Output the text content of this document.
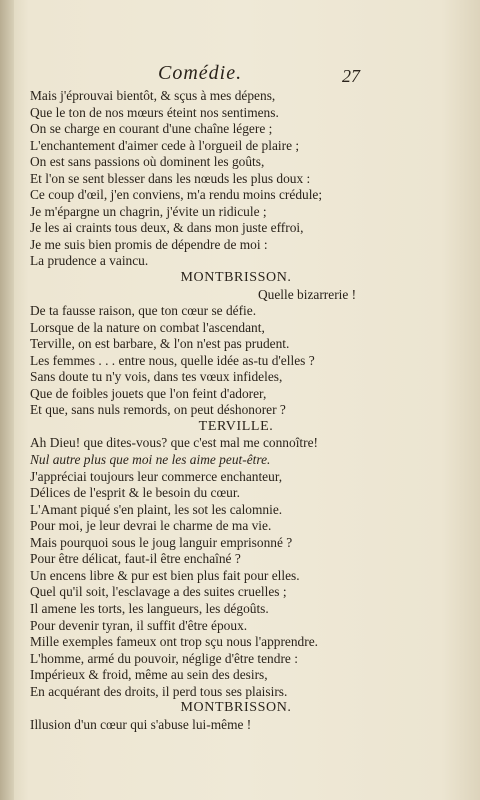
Comédie.	27
Mais j'éprouvai bientôt, & sçus à mes dépens,
Que le ton de nos mœurs éteint nos sentimens.
On se charge en courant d'une chaîne légere ;
L'enchantement d'aimer cede à l'orgueil de plaire ;
On est sans passions où dominent les goûts,
Et l'on se sent blesser dans les nœuds les plus doux :
Ce coup d'œil, j'en conviens, m'a rendu moins crédule;
Je m'épargne un chagrin, j'évite un ridicule ;
Je les ai craints tous deux, & dans mon juste effroi,
Je me suis bien promis de dépendre de moi :
La prudence a vaincu.
MONTBRISSON.
Quelle bizarrerie !
De ta fausse raison, que ton cœur se défie.
Lorsque de la nature on combat l'ascendant,
Terville, on est barbare, & l'on n'est pas prudent.
Les femmes . . . entre nous, quelle idée as-tu d'elles ?
Sans doute tu n'y vois, dans tes vœux infideles,
Que de foibles jouets que l'on feint d'adorer,
Et que, sans nuls remords, on peut déshonorer ?
TERVILLE.
Ah Dieu! que dites-vous? que c'est mal me connoître!
Nul autre plus que moi ne les aime peut-être.
J'appréciai toujours leur commerce enchanteur,
Délices de l'esprit & le besoin du cœur.
L'Amant piqué s'en plaint, les sot les calomnie.
Pour moi, je leur devrai le charme de ma vie.
Mais pourquoi sous le joug languir emprisonné ?
Pour être délicat, faut-il être enchaîné ?
Un encens libre & pur est bien plus fait pour elles.
Quel qu'il soit, l'esclavage a des suites cruelles ;
Il amene les torts, les langueurs, les dégoûts.
Pour devenir tyran, il suffit d'être époux.
Mille exemples fameux ont trop sçu nous l'apprendre.
L'homme, armé du pouvoir, néglige d'être tendre :
Impérieux & froid, même au sein des desirs,
En acquérant des droits, il perd tous ses plaisirs.
MONTBRISSON.
Illusion d'un cœur qui s'abuse lui-même !
